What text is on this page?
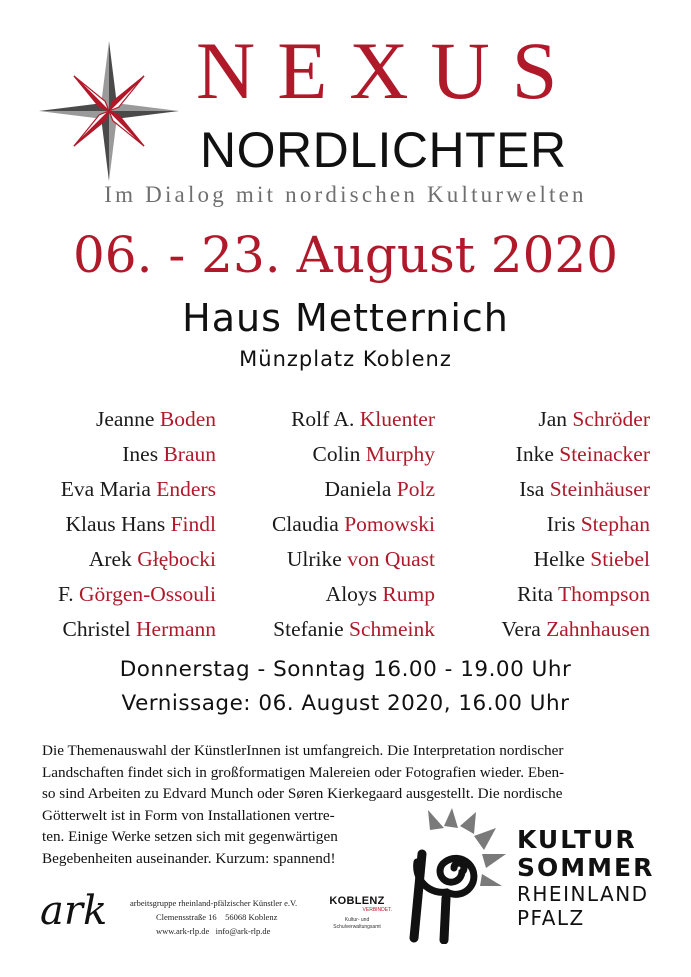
NEXUS
NORDLICHTER
Im Dialog mit nordischen Kulturwelten
06. - 23. August 2020
Haus Metternich
Münzplatz Koblenz
Jeanne Boden
Ines Braun
Eva Maria Enders
Klaus Hans Findl
Arek Głębocki
F. Görgen-Ossouli
Christel Hermann
Rolf A. Kluenter
Colin Murphy
Daniela Polz
Claudia Pomowski
Ulrike von Quast
Aloys Rump
Stefanie Schmeink
Jan Schröder
Inke Steinacker
Isa Steinhäuser
Iris Stephan
Helke Stiebel
Rita Thompson
Vera Zahnhausen
Donnerstag - Sonntag 16.00 - 19.00 Uhr
Vernissage: 06. August 2020, 16.00 Uhr
Die Themenauswahl der KünstlerInnen ist umfangreich. Die Interpretation nordischer
Landschaften findet sich in großformatigen Malereien oder Fotografien wieder. Eben-
so sind Arbeiten zu Edvard Munch oder Søren Kierkegaard ausgestellt. Die nordische
Götterwelt ist in Form von Installationen vertre-
ten. Einige Werke setzen sich mit gegenwärtigen
Begebenheiten auseinander. Kurzum: spannend!
ark	arbeitsgruppe rheinland-pfälzischer Künstler e.V.
Clemensstraße 16 56068 Koblenz
www.ark-rlp.de info@ark-rlp.de
KOBLENZ
VERBINDET.
Kultur- und Schulverwaltungsamt
KULTUR
SOMMER
RHEINLAND
PFALZ
